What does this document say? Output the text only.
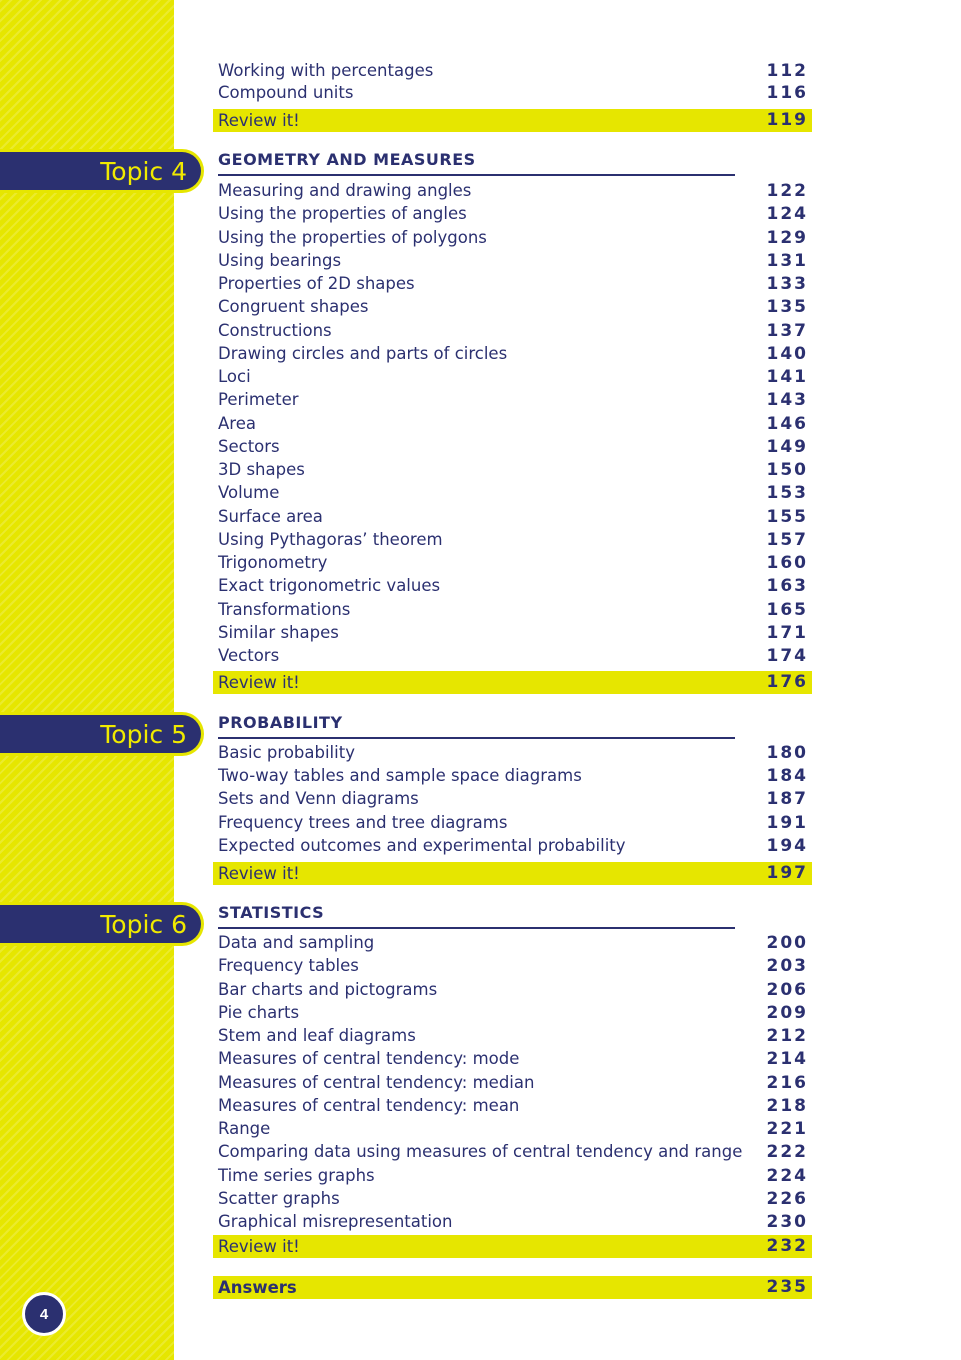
Topic 4
Topic 5
Topic 6
4
Working with percentages	112
Compound units	116
Review it!	119
GEOMETRY AND MEASURES
Measuring and drawing angles	122
Using the properties of angles	124
Using the properties of polygons	129
Using bearings	131
Properties of 2D shapes	133
Congruent shapes	135
Constructions	137
Drawing circles and parts of circles	140
Loci	141
Perimeter	143
Area	146
Sectors	149
3D shapes	150
Volume	153
Surface area	155
Using Pythagoras’ theorem	157
Trigonometry	160
Exact trigonometric values	163
Transformations	165
Similar shapes	171
Vectors	174
Review it!	176
PROBABILITY
Basic probability	180
Two-way tables and sample space diagrams	184
Sets and Venn diagrams	187
Frequency trees and tree diagrams	191
Expected outcomes and experimental probability	194
Review it!	197
STATISTICS
Data and sampling	200
Frequency tables	203
Bar charts and pictograms	206
Pie charts	209
Stem and leaf diagrams	212
Measures of central tendency: mode	214
Measures of central tendency: median	216
Measures of central tendency: mean	218
Range	221
Comparing data using measures of central tendency and range 222
Time series graphs	224
Scatter graphs	226
Graphical misrepresentation	230
Review it!	232
Answers	235
